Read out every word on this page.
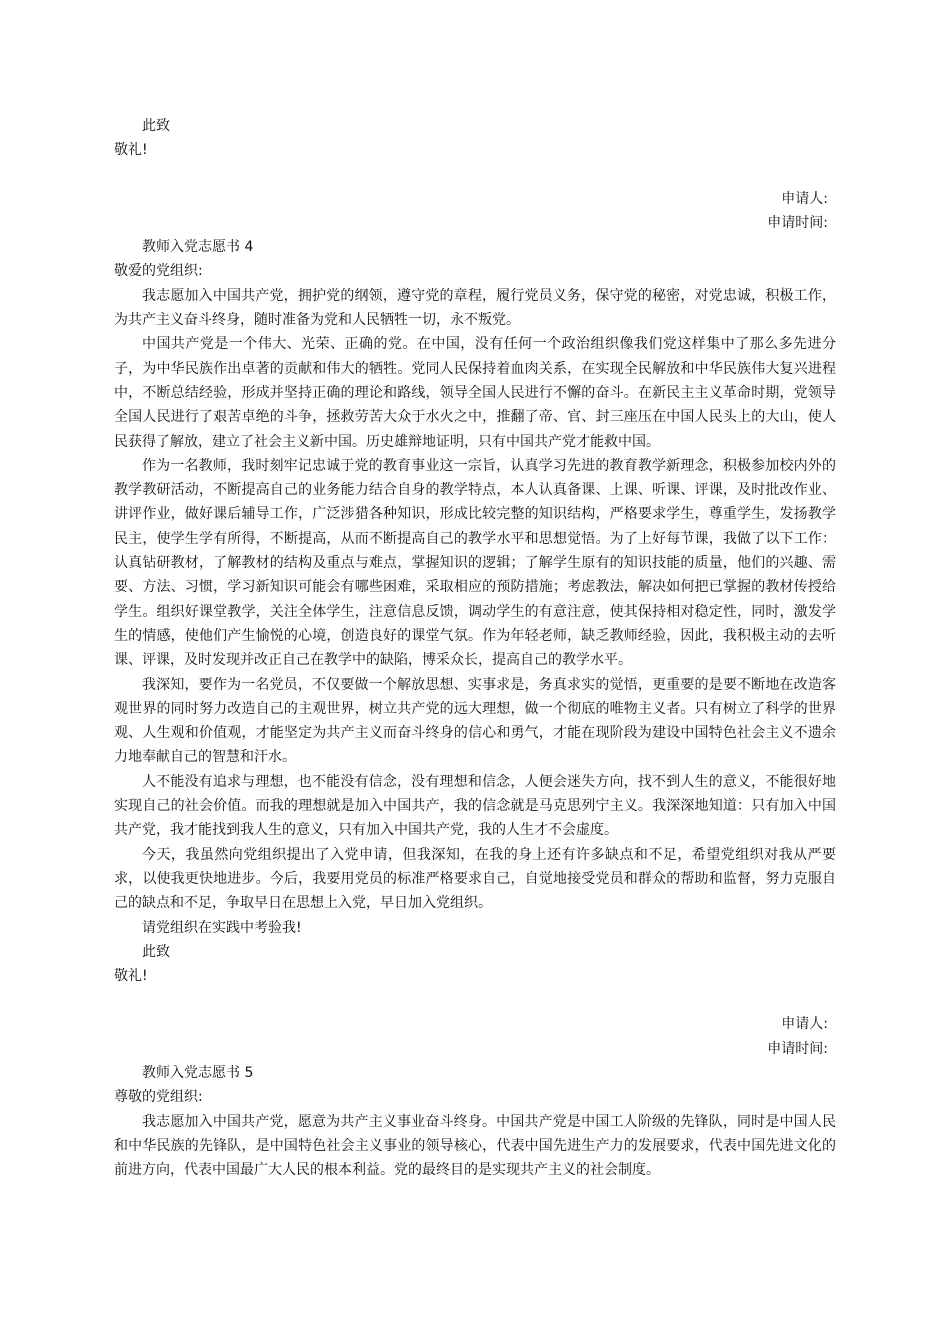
此致

敬礼!

申请人:

申请时间:

教师入党志愿书 4

敬爱的党组织:

我志愿加入中国共产党，拥护党的纲领，遵守党的章程，履行党员义务，保守党的秘密，对党忠诚，积极工作，为共产主义奋斗终身，随时准备为党和人民牺牲一切，永不叛党。

中国共产党是一个伟大、光荣、正确的党。在中国，没有任何一个政治组织像我们党这样集中了那么多先进分子，为中华民族作出卓著的贡献和伟大的牺牲。党同人民保持着血肉关系，在实现全民解放和中华民族伟大复兴进程中，不断总结经验，形成并坚持正确的理论和路线，领导全国人民进行不懈的奋斗。在新民主主义革命时期，党领导全国人民进行了艰苦卓绝的斗争，拯救劳苦大众于水火之中，推翻了帝、官、封三座压在中国人民头上的大山，使人民获得了解放，建立了社会主义新中国。历史雄辩地证明，只有中国共产党才能救中国。

作为一名教师，我时刻牢记忠诚于党的教育事业这一宗旨，认真学习先进的教育教学新理念，积极参加校内外的教学教研活动，不断提高自己的业务能力结合自身的教学特点，本人认真备课、上课、听课、评课，及时批改作业、讲评作业，做好课后辅导工作，广泛涉猎各种知识，形成比较完整的知识结构，严格要求学生，尊重学生，发扬教学民主，使学生学有所得，不断提高，从而不断提高自己的教学水平和思想觉悟。为了上好每节课，我做了以下工作：认真钻研教材，了解教材的结构及重点与难点，掌握知识的逻辑；了解学生原有的知识技能的质量，他们的兴趣、需要、方法、习惯，学习新知识可能会有哪些困难，采取相应的预防措施；考虑教法，解决如何把已掌握的教材传授给学生。组织好课堂教学，关注全体学生，注意信息反馈，调动学生的有意注意，使其保持相对稳定性，同时，激发学生的情感，使他们产生愉悦的心境，创造良好的课堂气氛。作为年轻老师，缺乏教师经验，因此，我积极主动的去听课、评课，及时发现并改正自己在教学中的缺陷，博采众长，提高自己的教学水平。

我深知，要作为一名党员，不仅要做一个解放思想、实事求是，务真求实的觉悟，更重要的是要不断地在改造客观世界的同时努力改造自己的主观世界，树立共产党的远大理想，做一个彻底的唯物主义者。只有树立了科学的世界观、人生观和价值观，才能坚定为共产主义而奋斗终身的信心和勇气，才能在现阶段为建设中国特色社会主义不遗余力地奉献自己的智慧和汗水。

人不能没有追求与理想，也不能没有信念，没有理想和信念，人便会迷失方向，找不到人生的意义，不能很好地实现自己的社会价值。而我的理想就是加入中国共产，我的信念就是马克思列宁主义。我深深地知道：只有加入中国共产党，我才能找到我人生的意义，只有加入中国共产党，我的人生才不会虚度。

今天，我虽然向党组织提出了入党申请，但我深知，在我的身上还有许多缺点和不足，希望党组织对我从严要求，以使我更快地进步。今后，我要用党员的标准严格要求自己，自觉地接受党员和群众的帮助和监督，努力克服自己的缺点和不足，争取早日在思想上入党，早日加入党组织。

请党组织在实践中考验我!

此致

敬礼!

申请人:

申请时间:

教师入党志愿书 5

尊敬的党组织:

我志愿加入中国共产党，愿意为共产主义事业奋斗终身。中国共产党是中国工人阶级的先锋队，同时是中国人民和中华民族的先锋队，是中国特色社会主义事业的领导核心，代表中国先进生产力的发展要求，代表中国先进文化的前进方向，代表中国最广大人民的根本利益。党的最终目的是实现共产主义的社会制度。
